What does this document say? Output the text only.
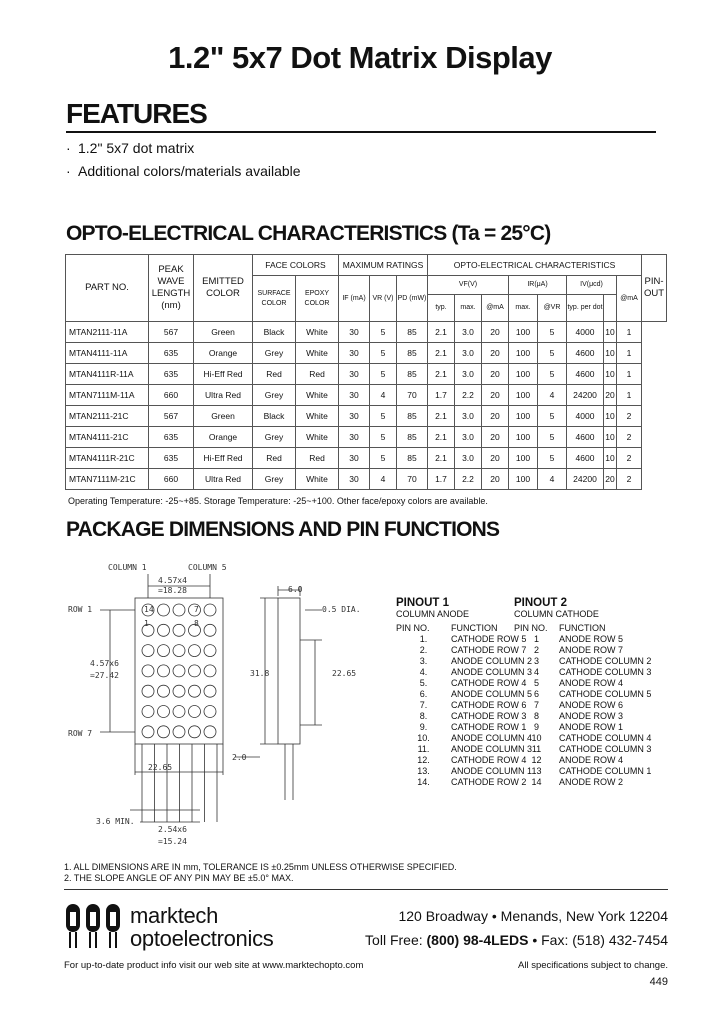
1.2" 5x7 Dot Matrix Display
FEATURES
· 1.2" 5x7 dot matrix
· Additional colors/materials available
OPTO-ELECTRICAL CHARACTERISTICS (Ta = 25°C)
PART NO.	PEAK WAVE LENGTH (nm)	EMITTED COLOR	FACE COLORS		MAXIMUM RATINGS			OPTO-ELECTRICAL CHARACTERISTICS								PIN-OUT
			SURFACE COLOR	EPOXY COLOR	IF (mA)	VR (V)	PD (mW)	VF(V)			IR(μA)		IV(μcd)		@mA	
								typ.	max.	@mA	max.	@VR	typ. per dot			
MTAN2111-11A	567	Green	Black	White	30	5	85	2.1	3.0	20	100	5	4000	10	1	
MTAN4111-11A	635	Orange	Grey	White	30	5	85	2.1	3.0	20	100	5	4600	10	1	
MTAN4111R-11A	635	Hi-Eff Red	Red	Red	30	5	85	2.1	3.0	20	100	5	4600	10	1	
MTAN7111M-11A	660	Ultra Red	Grey	White	30	4	70	1.7	2.2	20	100	4	24200	20	1	
MTAN2111-21C	567	Green	Black	White	30	5	85	2.1	3.0	20	100	5	4000	10	2	
MTAN4111-21C	635	Orange	Grey	White	30	5	85	2.1	3.0	20	100	5	4600	10	2	
MTAN4111R-21C	635	Hi-Eff Red	Red	Red	30	5	85	2.1	3.0	20	100	5	4600	10	2	
MTAN7111M-21C	660	Ultra Red	Grey	White	30	4	70	1.7	2.2	20	100	4	24200	20	2	
Operating Temperature: -25~+85. Storage Temperature: -25~+100. Other face/epoxy colors are available.
PACKAGE DIMENSIONS AND PIN FUNCTIONS
COLUMN 1	COLUMN 5
4.57x4
=18.28
ROW 1
ROW 7
4.57x6
=27.42
6.0
0.5 DIA.
31.8	22.65
22.65
2.0
3.6 MIN.
2.54x6
=15.24
1
14
8
7
PINOUT 1
COLUMN ANODE
PIN NO.	FUNCTION
1.	CATHODE ROW 5
2.	CATHODE ROW 7
3.	ANODE COLUMN 2
4.	ANODE COLUMN 3
5.	CATHODE ROW 4
6.	ANODE COLUMN 5
7.	CATHODE ROW 6
8.	CATHODE ROW 3
9.	CATHODE ROW 1
10.	ANODE COLUMN 4
11.	ANODE COLUMN 3
12.	CATHODE ROW 4
13.	ANODE COLUMN 1
14.	CATHODE ROW 2
PINOUT 2
COLUMN CATHODE
PIN NO.	FUNCTION
1	ANODE ROW 5
2	ANODE ROW 7
3	CATHODE COLUMN 2
4	CATHODE COLUMN 3
5	ANODE ROW 4
6	CATHODE COLUMN 5
7	ANODE ROW 6
8	ANODE ROW 3
9	ANODE ROW 1
10	CATHODE COLUMN 4
11	CATHODE COLUMN 3
12	ANODE ROW 4
13	CATHODE COLUMN 1
14	ANODE ROW 2
1. ALL DIMENSIONS ARE IN mm, TOLERANCE IS ±0.25mm UNLESS OTHERWISE SPECIFIED.
2. THE SLOPE ANGLE OF ANY PIN MAY BE ±5.0° MAX.
marktech
optoelectronics
120 Broadway • Menands, New York 12204
Toll Free: (800) 98-4LEDS • Fax: (518) 432-7454
For up-to-date product info visit our web site at www.marktechopto.com	All specifications subject to change.
449
